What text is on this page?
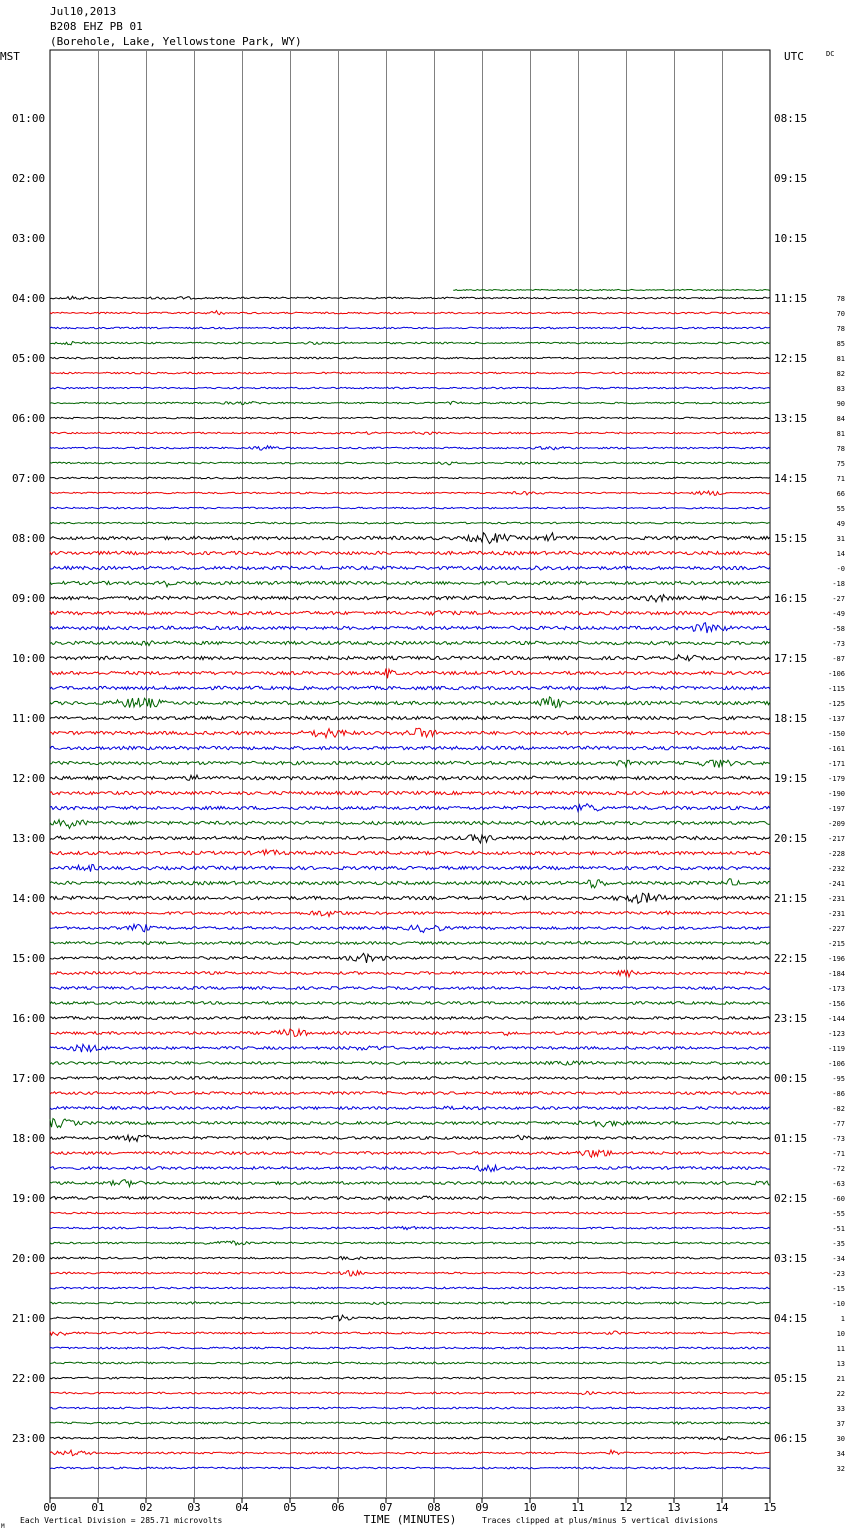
Jul10,2013
B208 EHZ PB 01
(Borehole, Lake, Yellowstone Park, WY)
MST	UTC	DC
01:00
02:00
03:00
04:00
05:00
06:00
07:00
08:00
09:00
10:00
11:00
12:00
13:00
14:00
15:00
16:00
17:00
18:00
19:00
20:00
21:00
22:00
23:00
08:15
09:15
10:15
11:15
12:15
13:15
14:15
15:15
16:15
17:15
18:15
19:15
20:15
21:15
22:15
23:15
00:15
01:15
02:15
03:15
04:15
05:15
06:15
78
70
78
85
81
82
83
90
84
81
78
75
71
66
55
49
31
14
-0
-18
-27
-49
-58
-73
-87
-106
-115
-125
-137
-150
-161
-171
-179
-190
-197
-209
-217
-228
-232
-241
-231
-231
-227
-215
-196
-184
-173
-156
-144
-123
-119
-106
-95
-86
-82
-77
-73
-71
-72
-63
-60
-55
-51
-35
-34
-23
-15
-10
1
10
11
13
21
22
33
37
30
34
32
00	01	02	03	04	05	06	07	08	09	10	11	12	13	14	15
M
Each Vertical Division = 285.71 microvolts	TIME (MINUTES)	Traces clipped at plus/minus 5 vertical divisions
